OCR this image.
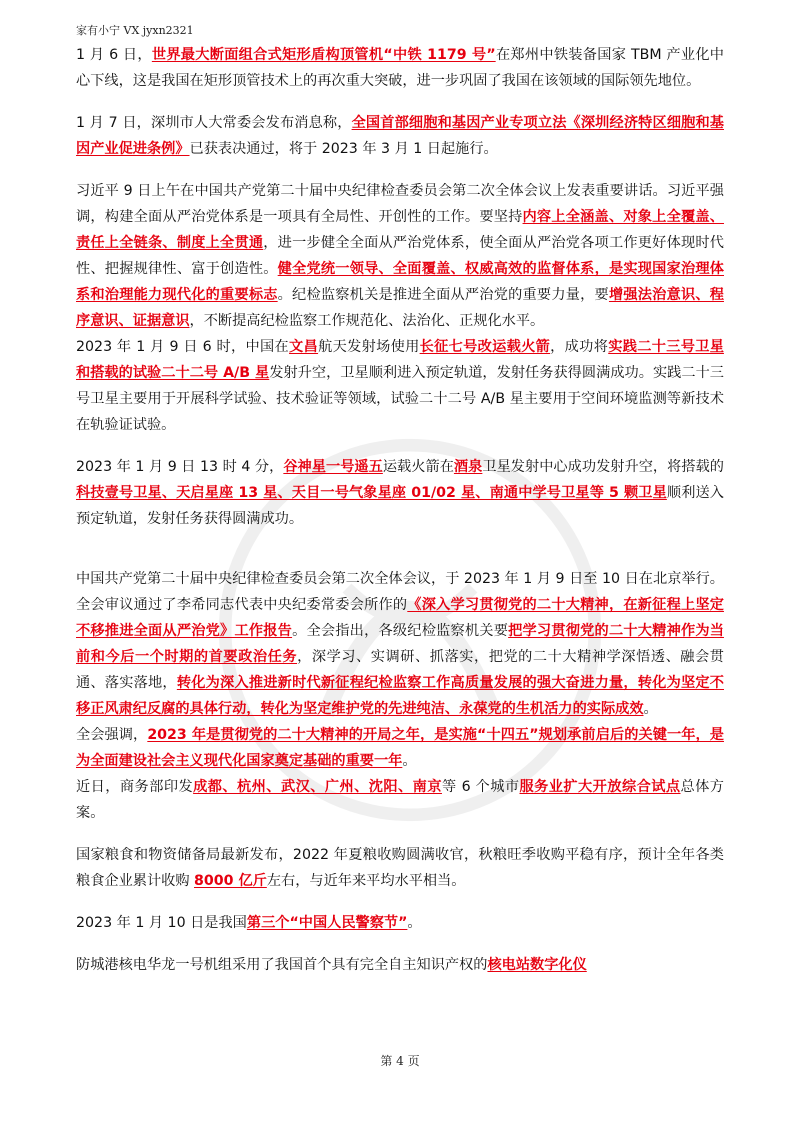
家有小宁 VX jyxn2321

1 月 6 日，世界最大断面组合式矩形盾构顶管机“中铁 1179 号”在郑州中铁装备国家 TBM 产业化中心下线，这是我国在矩形顶管技术上的再次重大突破，进一步巩固了我国在该领域的国际领先地位。

1 月 7 日，深圳市人大常委会发布消息称，全国首部细胞和基因产业专项立法《深圳经济特区细胞和基因产业促进条例》已获表决通过，将于 2023 年 3 月 1 日起施行。

习近平 9 日上午在中国共产党第二十届中央纪律检查委员会第二次全体会议上发表重要讲话。习近平强调，构建全面从严治党体系是一项具有全局性、开创性的工作。要坚持内容上全涵盖、对象上全覆盖、责任上全链条、制度上全贯通，进一步健全全面从严治党体系，使全面从严治党各项工作更好体现时代性、把握规律性、富于创造性。健全党统一领导、全面覆盖、权威高效的监督体系，是实现国家治理体系和治理能力现代化的重要标志。纪检监察机关是推进全面从严治党的重要力量，要增强法治意识、程序意识、证据意识，不断提高纪检监察工作规范化、法治化、正规化水平。

2023 年 1 月 9 日 6 时，中国在文昌航天发射场使用长征七号改运载火箭，成功将实践二十三号卫星和搭载的试验二十二号 A/B 星发射升空，卫星顺利进入预定轨道，发射任务获得圆满成功。实践二十三号卫星主要用于开展科学试验、技术验证等领域，试验二十二号 A/B 星主要用于空间环境监测等新技术在轨验证试验。

2023 年 1 月 9 日 13 时 4 分，谷神星一号遥五运载火箭在酒泉卫星发射中心成功发射升空，将搭载的科技壹号卫星、天启星座 13 星、天目一号气象星座 01/02 星、南通中学号卫星等 5 颗卫星顺利送入预定轨道，发射任务获得圆满成功。

中国共产党第二十届中央纪律检查委员会第二次全体会议，于 2023 年 1 月 9 日至 10 日在北京举行。全会审议通过了李希同志代表中央纪委常委会所作的《深入学习贯彻党的二十大精神，在新征程上坚定不移推进全面从严治党》工作报告。全会指出，各级纪检监察机关要把学习贯彻党的二十大精神作为当前和今后一个时期的首要政治任务，深学习、实调研、抓落实，把党的二十大精神学深悟透、融会贯通、落实落地，转化为深入推进新时代新征程纪检监察工作高质量发展的强大奋进力量，转化为坚定不移正风肃纪反腐的具体行动，转化为坚定维护党的先进纯洁、永葆党的生机活力的实际成效。

全会强调，2023 年是贯彻党的二十大精神的开局之年，是实施“十四五”规划承前启后的关键一年，是为全面建设社会主义现代化国家奠定基础的重要一年。

近日，商务部印发成都、杭州、武汉、广州、沈阳、南京等 6 个城市服务业扩大开放综合试点总体方案。

国家粮食和物资储备局最新发布，2022 年夏粮收购圆满收官，秋粮旺季收购平稳有序，预计全年各类粮食企业累计收购 8000 亿斤左右，与近年来平均水平相当。

2023 年 1 月 10 日是我国第三个“中国人民警察节”。

防城港核电华龙一号机组采用了我国首个具有完全自主知识产权的核电站数字化仪

第 4 页
